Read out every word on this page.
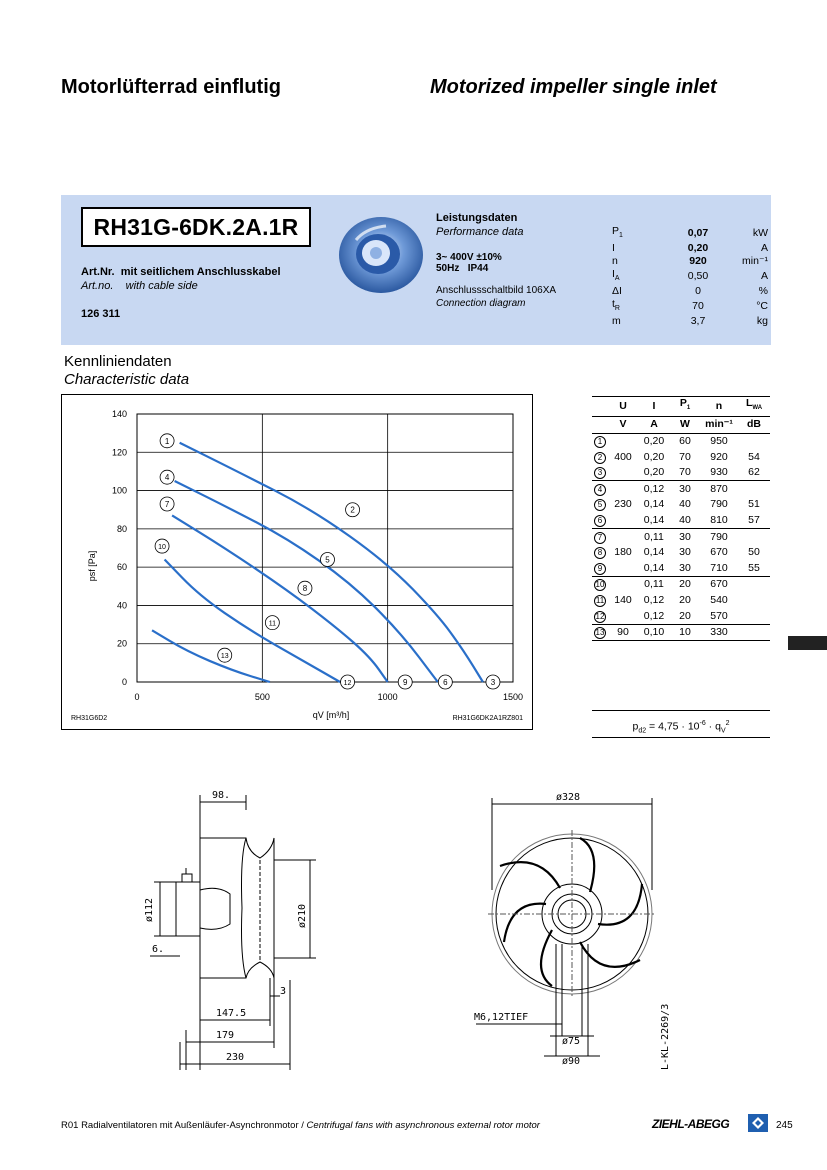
Motorlüfterrad einflutig	Motorized impeller single inlet
RH31G-6DK.2A.1R
Art.Nr. mit seitlichem Anschlusskabel
Art.no. with cable side
126 311
Leistungsdaten
Performance data
3~ 400V ±10%
50Hz IP44
Anschlussschaltbild 106XA
Connection diagram
$P_1$	0,07	kW
I	0,20	A
n	920	min⁻¹
$I_A$	0,50	A
ΔI	0	%
$t_R$	70	°C
m	3,7	kg
Kennliniendaten
Characteristic data
0
20
40
60
80
100
120
140
0	500	1000	1500
qV [m³/h]
psf [Pa]
RH31G6D2	RH31G6DK2A1RZ801
1
2
3
4
5
6
7
8
9
10
11
12
13
	U	I	$P_1$	n	$L_{WA}$
	V	A	W	min⁻¹	dB
1		0,20	60	950	
2	400	0,20	70	920	54
3		0,20	70	930	62
4		0,12	30	870	
5	230	0,14	40	790	51
6		0,14	40	810	57
7		0,11	30	790	
8	180	0,14	30	670	50
9		0,14	30	710	55
10		0,11	20	670	
11	140	0,12	20	540	
12		0,12	20	570	
13	90	0,10	10	330	
$p_{d2} = 4,75 \cdot 10^{-6} \cdot q_V^2$
98.
ø112	ø210
6.
3
147.5
179
230
ø328
M6,12TIEF
ø75
ø90	L-KL-2269/3
R01 Radialventilatoren mit Außenläufer-Asynchronmotor / Centrifugal fans with asynchronous external rotor motor	ZIEHL-ABEGG	245
